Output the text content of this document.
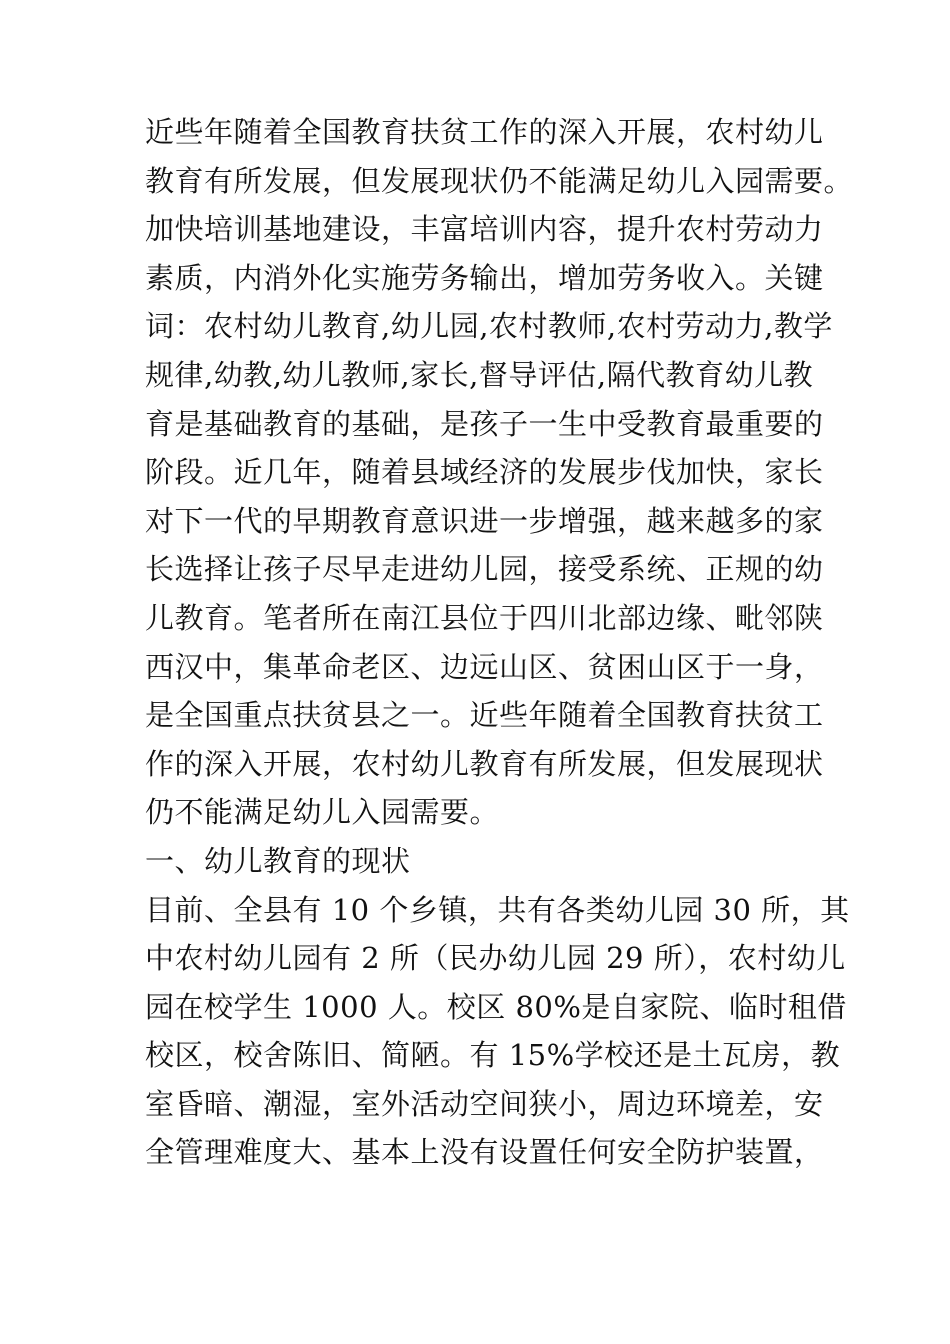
近些年随着全国教育扶贫工作的深入开展，农村幼儿
教育有所发展，但发展现状仍不能满足幼儿入园需要。
加快培训基地建设，丰富培训内容，提升农村劳动力
素质，内消外化实施劳务输出，增加劳务收入。关键
词：农村幼儿教育,幼儿园,农村教师,农村劳动力,教学
规律,幼教,幼儿教师,家长,督导评估,隔代教育幼儿教
育是基础教育的基础，是孩子一生中受教育最重要的
阶段。近几年，随着县域经济的发展步伐加快，家长
对下一代的早期教育意识进一步增强，越来越多的家
长选择让孩子尽早走进幼儿园，接受系统、正规的幼
儿教育。笔者所在南江县位于四川北部边缘、毗邻陕
西汉中，集革命老区、边远山区、贫困山区于一身，
是全国重点扶贫县之一。近些年随着全国教育扶贫工
作的深入开展，农村幼儿教育有所发展，但发展现状
仍不能满足幼儿入园需要。
一、幼儿教育的现状
目前、全县有 10 个乡镇，共有各类幼儿园 30 所，其
中农村幼儿园有 2 所（民办幼儿园 29 所），农村幼儿
园在校学生 1000 人。校区 80%是自家院、临时租借
校区，校舍陈旧、简陋。有 15%学校还是土瓦房，教
室昏暗、潮湿，室外活动空间狭小，周边环境差，安
全管理难度大、基本上没有设置任何安全防护装置，
